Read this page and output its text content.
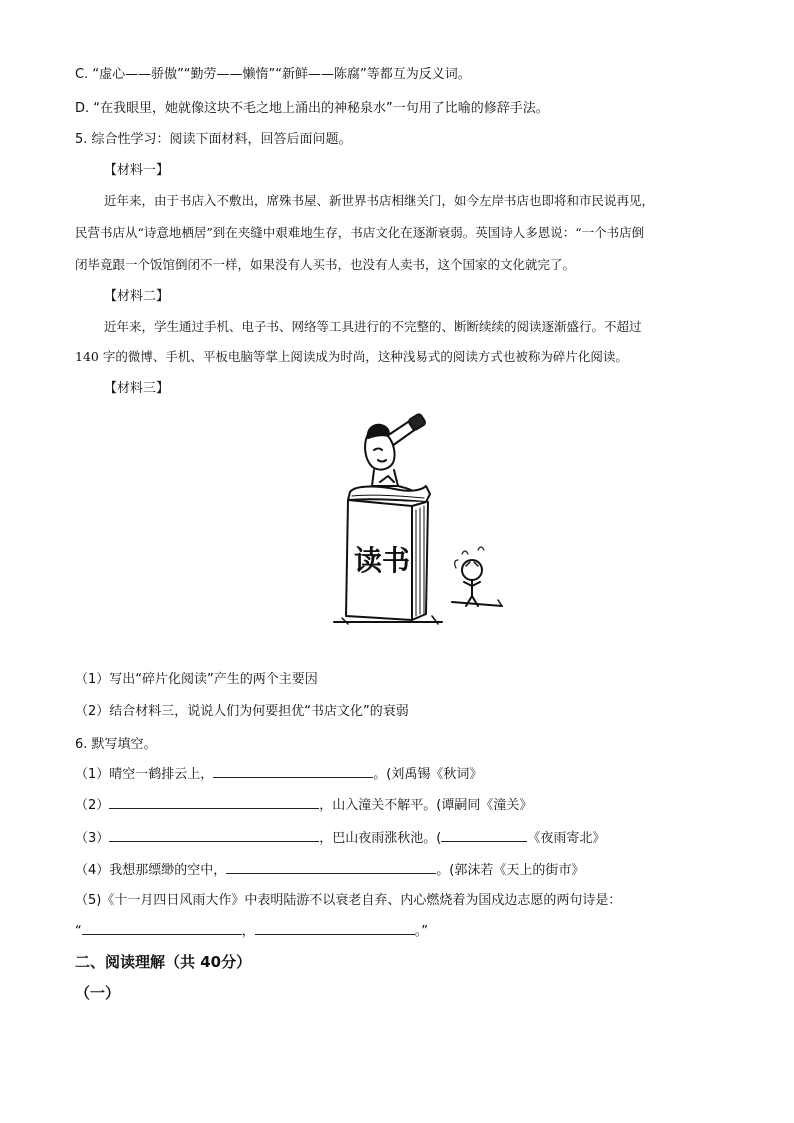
C. “虚心——骄傲”“勤劳——懒惰”“新鲜——陈腐”等都互为反义词。
D. “在我眼里，她就像这块不毛之地上涌出的神秘泉水”一句用了比喻的修辞手法。
5. 综合性学习：阅读下面材料，回答后面问题。
【材料一】
近年来，由于书店入不敷出，席殊书屋、新世界书店相继关门，如今左岸书店也即将和市民说再见，
民营书店从“诗意地栖居”到在夹缝中艰难地生存，书店文化在逐渐衰弱。英国诗人多恩说：“一个书店倒
闭毕竟跟一个饭馆倒闭不一样，如果没有人买书，也没有人卖书，这个国家的文化就完了。
【材料二】
近年来，学生通过手机、电子书、网络等工具进行的不完整的、断断续续的阅读逐渐盛行。不超过
140 字的微博、手机、平板电脑等掌上阅读成为时尚，这种浅易式的阅读方式也被称为碎片化阅读。
【材料三】
读书
（1）写出“碎片化阅读”产生的两个主要因
（2）结合材料三，说说人们为何要担优“书店文化”的衰弱
6. 默写填空。
（1）晴空一鹤排云上，	。(刘禹锡《秋词》
（2）	，山入潼关不解平。(谭嗣同《潼关》
（3）	，巴山夜雨涨秋池。(	《夜雨寄北》
（4）我想那缥缈的空中，	。(郭沫若《天上的街市》
（5)《十一月四日风雨大作》中表明陆游不以衰老自弃、内心燃烧着为国戍边志愿的两句诗是：
“	，	。”
二、阅读理解（共 40分）
（一）
